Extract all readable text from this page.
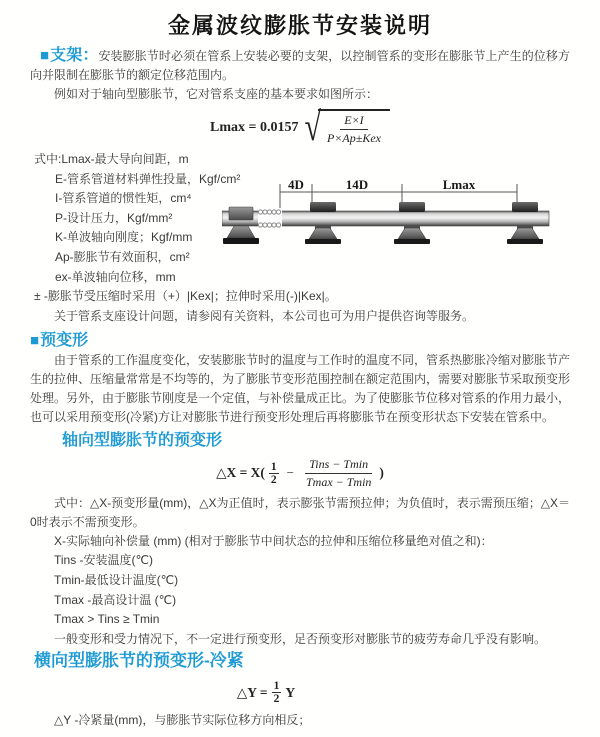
金属波纹膨胀节安装说明

■支架：安装膨胀节时必须在管系上安装必要的支架，以控制管系的变形在膨胀节上产生的位移方向并限制在膨胀节的额定位移范围内。

例如对于轴向型膨胀节，它对管系支座的基本要求如图所示：

Lmax = 0.0157 √ $\frac{E\times I}{\text{P×Ap±Kex}}$
式中:Lmax-最大导向间距，m
E-管系管道材料弹性投量，Kgf/cm²
I-管系管道的惯性矩，cm⁴
P-设计压力，Kgf/mm²
K-单波轴向刚度；Kgf/mm
Ap-膨胀节有效面积，cm²
ex-单波轴向位移，mm
± -膨胀节受压缩时采用（+）|Kex|；拉伸时采用(-)|Kex|。
4D	14D	Lmax

关于管系支座设计问题，请参阅有关资料，本公司也可为用户提供咨询等服务。

■预变形

由于管系的工作温度变化，安装膨胀节时的温度与工作时的温度不同，管系热膨胀冷缩对膨胀节产生的拉伸、压缩量常常是不均等的，为了膨胀节变形范围控制在额定范围内，需要对膨胀节采取预变形处理。另外，由于膨胀节刚度是一个定值，与补偿量成正比。为了使膨胀节位移对管系的作用力最小，也可以采用预变形(冷紧)方让对膨胀节进行预变形处理后再将膨胀节在预变形状态下安装在管系中。

轴向型膨胀节的预变形
△X = $X( \frac{1}{2} - \frac{\text{Tins − Tmin}}{Tmax - Tmin}$ )

式中：△X-预变形量(mm)，△X为正值时，表示膨张节需预拉伸；为负值时，表示需预压缩；△X＝0时表示不需预变形。

X-实际轴向补偿量 (mm) (相对于膨胀节中间状态的拉伸和压缩位移量绝对值之和)：
Tins -安装温度(℃)
Tmin-最低设计温度(℃)
Tmax -最高设计温 (℃)
Tmax > Tins ≥ Tmin
一般变形和受力情况下，不一定进行预变形，足否预变形对膨胀节的疲劳寿命几乎没有影响。
横向型膨胀节的预变形-冷紧
△Y = $\frac{1}{2}$ Y
△Y -冷紧量(mm)，与膨胀节实际位移方向相反；
